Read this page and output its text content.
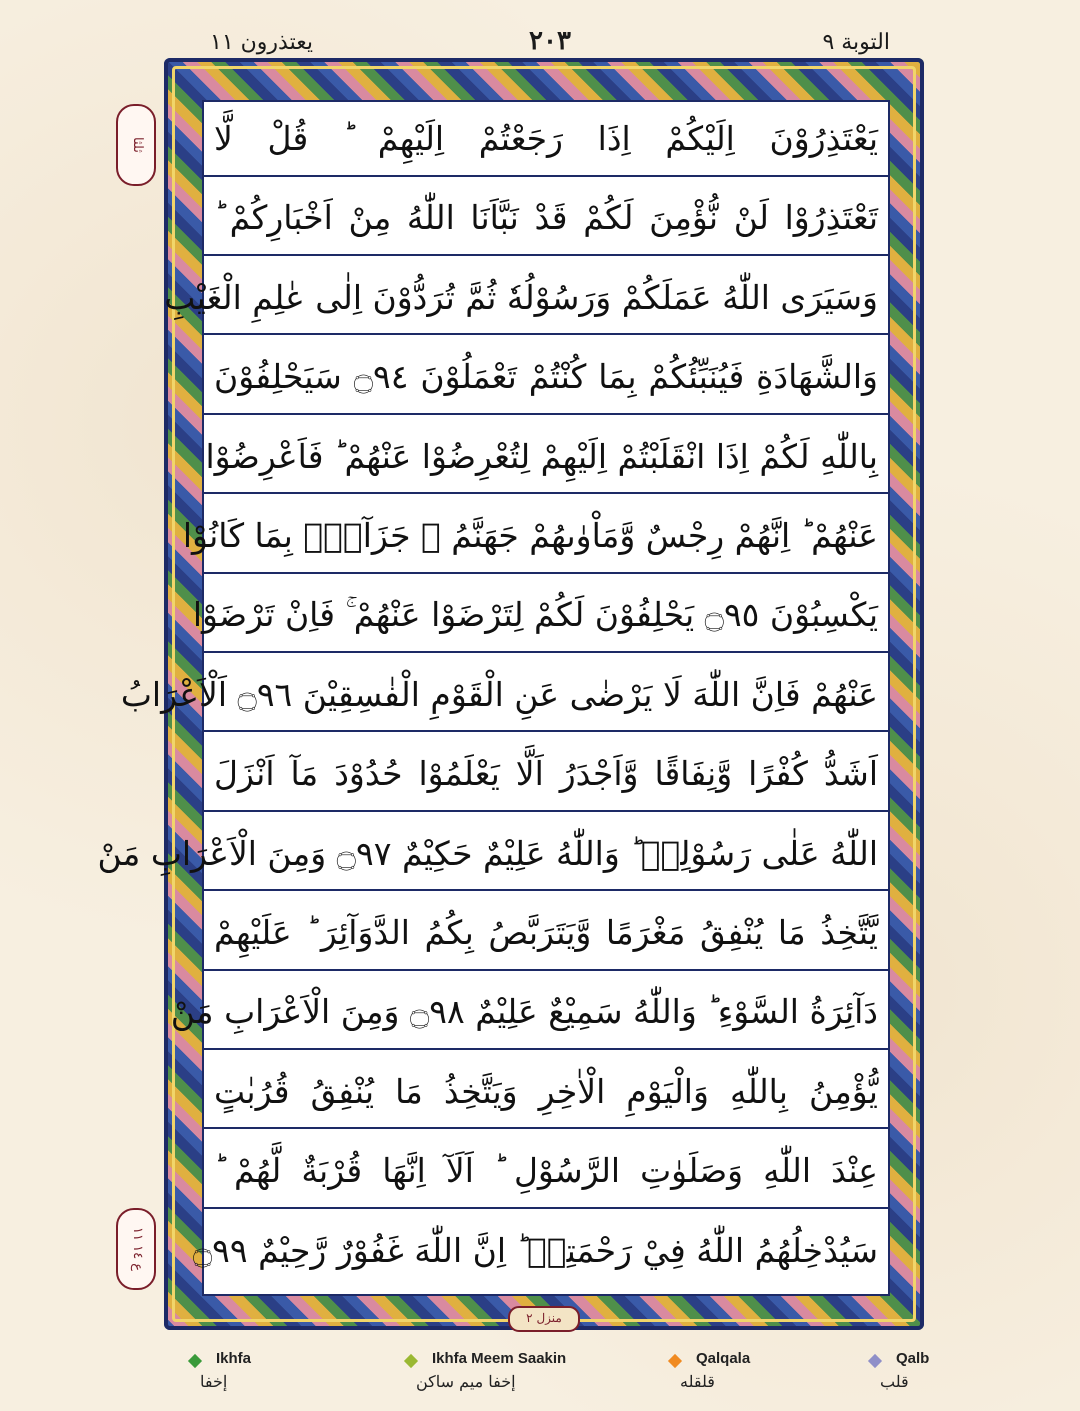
التوبة ٩
٢٠٣
يعتذرون ١١
ثلثا
ع ١٤ ١١
يَعْتَذِرُوْنَ اِلَيْكُمْ اِذَا رَجَعْتُمْ اِلَيْهِمْ ؕ قُلْ لَّا
تَعْتَذِرُوْا لَنْ نُّؤْمِنَ لَكُمْ قَدْ نَبَّاَنَا اللّٰهُ مِنْ اَخْبَارِكُمْ ؕ
وَسَيَرَى اللّٰهُ عَمَلَكُمْ وَرَسُوْلُهٗ ثُمَّ تُرَدُّوْنَ اِلٰى عٰلِمِ الْغَيْبِ
وَالشَّهَادَةِ فَيُنَبِّئُكُمْ بِمَا كُنْتُمْ تَعْمَلُوْنَ ۝٩٤ سَيَحْلِفُوْنَ
بِاللّٰهِ لَكُمْ اِذَا انْقَلَبْتُمْ اِلَيْهِمْ لِتُعْرِضُوْا عَنْهُمْ ؕ فَاَعْرِضُوْا
عَنْهُمْ ؕ اِنَّهُمْ رِجْسٌ وَّمَاْوٰىهُمْ جَهَنَّمُ ۚ جَزَآءًۢ بِمَا كَانُوْا
يَكْسِبُوْنَ ۝٩٥ يَحْلِفُوْنَ لَكُمْ لِتَرْضَوْا عَنْهُمْ ۚ فَاِنْ تَرْضَوْا
عَنْهُمْ فَاِنَّ اللّٰهَ لَا يَرْضٰى عَنِ الْقَوْمِ الْفٰسِقِيْنَ ۝٩٦ اَلْاَعْرَابُ
اَشَدُّ كُفْرًا وَّنِفَاقًا وَّاَجْدَرُ اَلَّا يَعْلَمُوْا حُدُوْدَ مَآ اَنْزَلَ
اللّٰهُ عَلٰى رَسُوْلِهٖ ؕ وَاللّٰهُ عَلِيْمٌ حَكِيْمٌ ۝٩٧ وَمِنَ الْاَعْرَابِ مَنْ
يَّتَّخِذُ مَا يُنْفِقُ مَغْرَمًا وَّيَتَرَبَّصُ بِكُمُ الدَّوَآئِرَ ؕ عَلَيْهِمْ
دَآئِرَةُ السَّوْءِ ؕ وَاللّٰهُ سَمِيْعٌ عَلِيْمٌ ۝٩٨ وَمِنَ الْاَعْرَابِ مَنْ
يُّؤْمِنُ بِاللّٰهِ وَالْيَوْمِ الْاٰخِرِ وَيَتَّخِذُ مَا يُنْفِقُ قُرُبٰتٍ
عِنْدَ اللّٰهِ وَصَلَوٰتِ الرَّسُوْلِ ؕ اَلَآ اِنَّهَا قُرْبَةٌ لَّهُمْ ؕ
سَيُدْخِلُهُمُ اللّٰهُ فِيْ رَحْمَتِهٖ ؕ اِنَّ اللّٰهَ غَفُوْرٌ رَّحِيْمٌ ۝٩٩
منزل ٢
Ikhfa
إخفا
Ikhfa Meem Saakin
إخفا ميم ساكن
Qalqala
قلقله
Qalb
قلب
